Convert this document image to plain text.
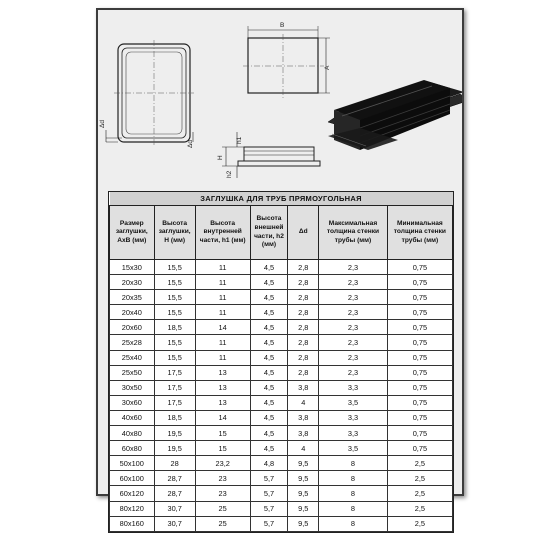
Δd
Δd
B
A
H
h1
h2
ЗАГЛУШКА ДЛЯ ТРУБ ПРЯМОУГОЛЬНАЯ						
Размер заглушки, АхВ (мм)	Высота заглушки, Н (мм)	Высота внутренней части, h1 (мм)	Высота внешней части, h2 (мм)	Δd	Максимальная толщина стенки трубы (мм)	Минимальная толщина стенки трубы (мм)
15x30	15,5	11	4,5	2,8	2,3	0,75
20x30	15,5	11	4,5	2,8	2,3	0,75
20x35	15,5	11	4,5	2,8	2,3	0,75
20x40	15,5	11	4,5	2,8	2,3	0,75
20x60	18,5	14	4,5	2,8	2,3	0,75
25x28	15,5	11	4,5	2,8	2,3	0,75
25x40	15,5	11	4,5	2,8	2,3	0,75
25x50	17,5	13	4,5	2,8	2,3	0,75
30x50	17,5	13	4,5	3,8	3,3	0,75
30x60	17,5	13	4,5	4	3,5	0,75
40x60	18,5	14	4,5	3,8	3,3	0,75
40x80	19,5	15	4,5	3,8	3,3	0,75
60x80	19,5	15	4,5	4	3,5	0,75
50x100	28	23,2	4,8	9,5	8	2,5
60x100	28,7	23	5,7	9,5	8	2,5
60x120	28,7	23	5,7	9,5	8	2,5
80x120	30,7	25	5,7	9,5	8	2,5
80x160	30,7	25	5,7	9,5	8	2,5
